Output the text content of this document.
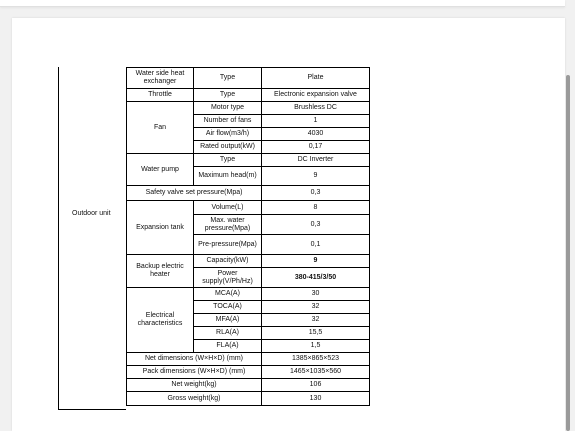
Outdoor unit
Water side heat exchanger	Type	Plate
Throttle	Type	Electronic expansion valve
Fan	Motor type	Brushless DC
	Number of fans	1
	Air flow(m3/h)	4030
	Rated output(kW)	0,17
Water pump	Type	DC Inverter
	Maximum head(m)	9
Safety valve set pressure(Mpa)		0,3
Expansion tank	Volume(L)	8
	Max. water pressure(Mpa)	0,3
	Pre-pressure(Mpa)	0,1
Backup electric heater	Capacity(kW)	9
	Power supply(V/Ph/Hz)	380-415/3/50
Electrical characteristics	MCA(A)	30
	TOCA(A)	32
	MFA(A)	32
	RLA(A)	15,5
	FLA(A)	1,5
Net dimensions (W×H×D) (mm)		1385×865×523
Pack dimensions (W×H×D) (mm)		1465×1035×560
Net weight(kg)		106
Gross weight(kg)		130
